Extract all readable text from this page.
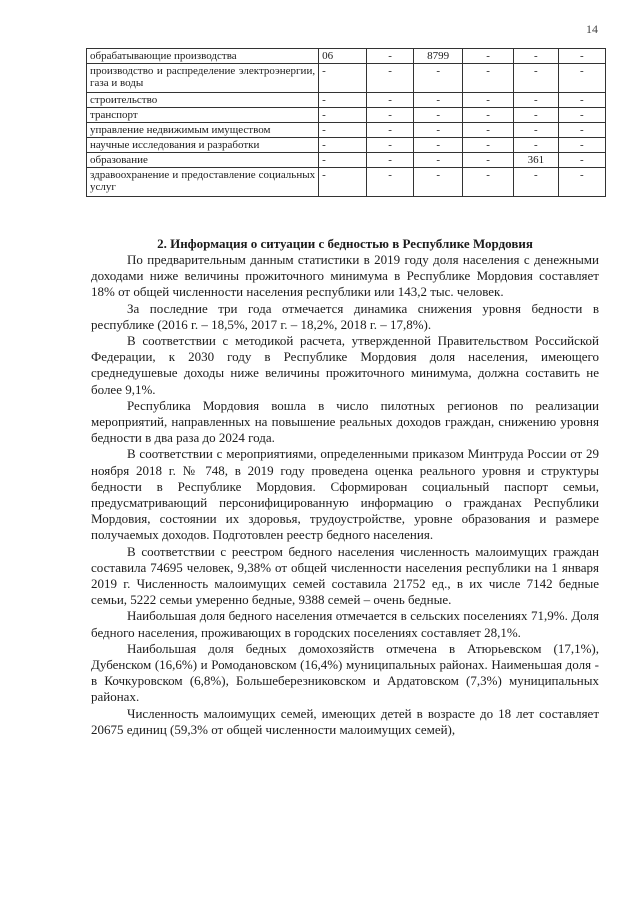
14
обрабатывающие производства	06	-	8799	-	-	-
производство и распределение электроэнергии, газа и воды	-	-	-	-	-	-
строительство	-	-	-	-	-	-
транспорт	-	-	-	-	-	-
управление недвижимым имуществом	-	-	-	-	-	-
научные исследования и разработки	-	-	-	-	-	-
образование	-	-	-	-	361	-
здравоохранение и предоставление социальных услуг	-	-	-	-	-	-

2. Информация о ситуации с бедностью в Республике Мордовия

По предварительным данным статистики в 2019 году доля населения с денежными доходами ниже величины прожиточного минимума в Республике Мордовия составляет 18% от общей численности населения республики или 143,2 тыс. человек.

За последние три года отмечается динамика снижения уровня бедности в республике (2016 г. – 18,5%, 2017 г. – 18,2%, 2018 г. – 17,8%).

В соответствии с методикой расчета, утвержденной Правительством Российской Федерации, к 2030 году в Республике Мордовия доля населения, имеющего среднедушевые доходы ниже величины прожиточного минимума, должна составить не более 9,1%.

Республика Мордовия вошла в число пилотных регионов по реализации мероприятий, направленных на повышение реальных доходов граждан, снижению уровня бедности в два раза до 2024 года.

В соответствии с мероприятиями, определенными приказом Минтруда России от 29 ноября 2018 г. № 748, в 2019 году проведена оценка реального уровня и структуры бедности в Республике Мордовия. Сформирован социальный паспорт семьи, предусматривающий персонифицированную информацию о гражданах Республики Мордовия, состоянии их здоровья, трудоустройстве, уровне образования и размере получаемых доходов. Подготовлен реестр бедного населения.

В соответствии с реестром бедного населения численность малоимущих граждан составила 74695 человек, 9,38% от общей численности населения республики на 1 января 2019 г. Численность малоимущих семей составила 21752 ед., в их числе 7142 бедные семьи, 5222 семьи умеренно бедные, 9388 семей – очень бедные.

Наибольшая доля бедного населения отмечается в сельских поселениях 71,9%. Доля бедного населения, проживающих в городских поселениях составляет 28,1%.

Наибольшая доля бедных домохозяйств отмечена в Атюрьевском (17,1%), Дубенском (16,6%) и Ромодановском (16,4%) муниципальных районах. Наименьшая доля - в Кочкуровском (6,8%), Большеберезниковском и Ардатовском (7,3%) муниципальных районах.

Численность малоимущих семей, имеющих детей в возрасте до 18 лет составляет 20675 единиц (59,3% от общей численности малоимущих семей),
